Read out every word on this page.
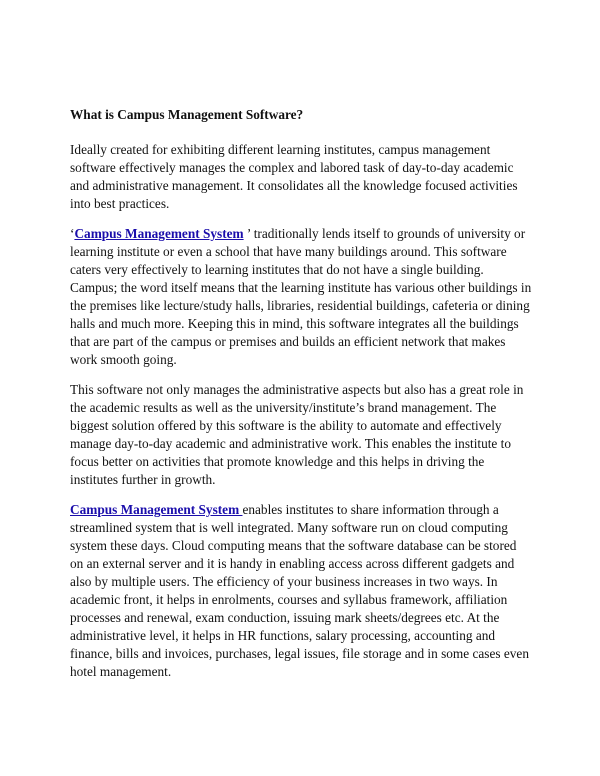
What is Campus Management Software?

Ideally created for exhibiting different learning institutes, campus management software effectively manages the complex and labored task of day-to-day academic and administrative management. It consolidates all the knowledge focused activities into best practices.

‘Campus Management System ’ traditionally lends itself to grounds of university or learning institute or even a school that have many buildings around. This software caters very effectively to learning institutes that do not have a single building. Campus; the word itself means that the learning institute has various other buildings in the premises like lecture/study halls, libraries, residential buildings, cafeteria or dining halls and much more. Keeping this in mind, this software integrates all the buildings that are part of the campus or premises and builds an efficient network that makes work smooth going.

This software not only manages the administrative aspects but also has a great role in the academic results as well as the university/institute’s brand management. The biggest solution offered by this software is the ability to automate and effectively manage day-to-day academic and administrative work. This enables the institute to focus better on activities that promote knowledge and this helps in driving the institutes further in growth.

Campus Management System enables institutes to share information through a streamlined system that is well integrated. Many software run on cloud computing system these days. Cloud computing means that the software database can be stored on an external server and it is handy in enabling access across different gadgets and also by multiple users. The efficiency of your business increases in two ways. In academic front, it helps in enrolments, courses and syllabus framework, affiliation processes and renewal, exam conduction, issuing mark sheets/degrees etc. At the administrative level, it helps in HR functions, salary processing, accounting and finance, bills and invoices, purchases, legal issues, file storage and in some cases even hotel management.
